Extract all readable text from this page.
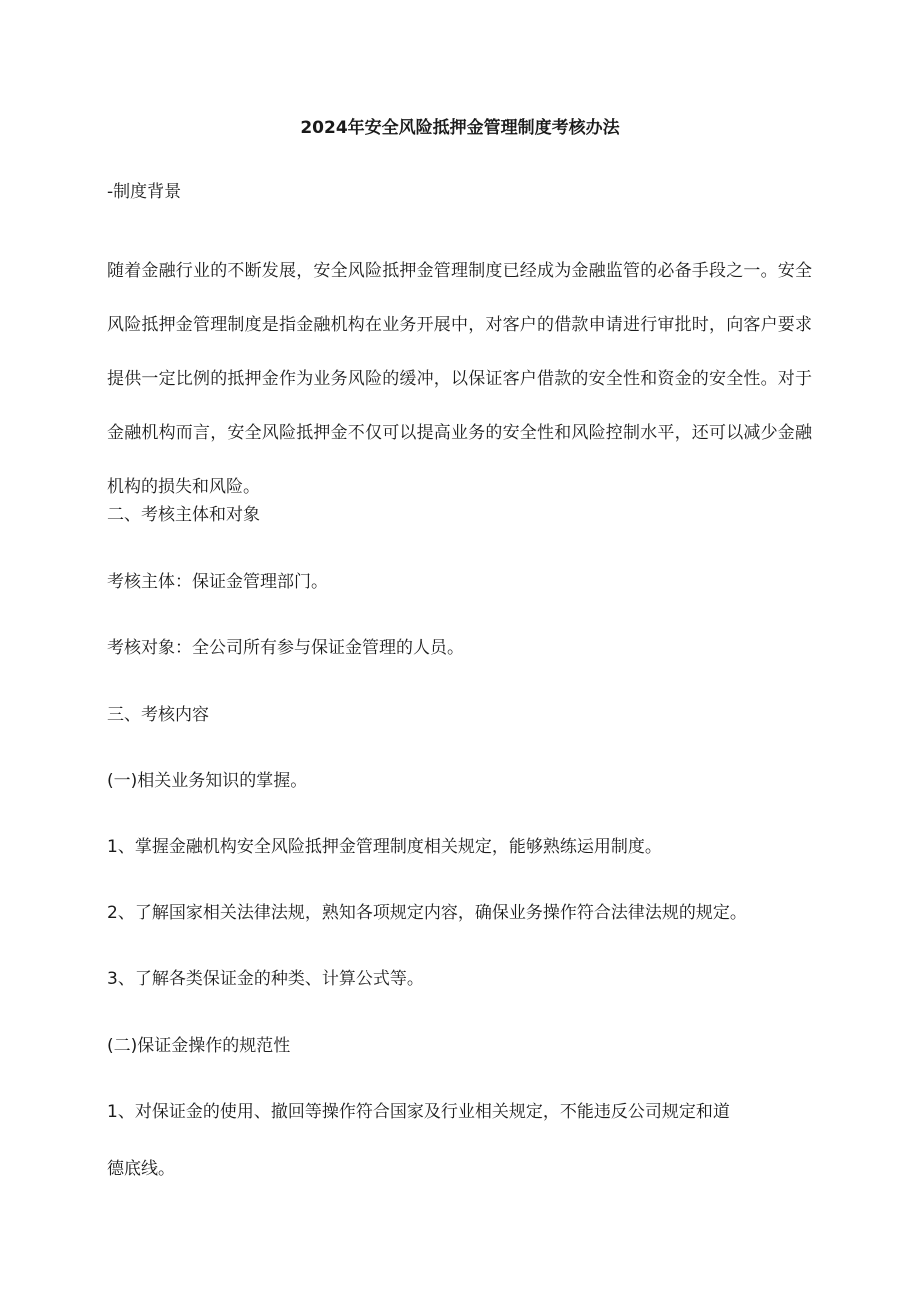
2024年安全风险抵押金管理制度考核办法

-制度背景

随着金融行业的不断发展，安全风险抵押金管理制度已经成为金融监管的必备手段之一。安全风险抵押金管理制度是指金融机构在业务开展中，对客户的借款申请进行审批时，向客户要求提供一定比例的抵押金作为业务风险的缓冲，以保证客户借款的安全性和资金的安全性。对于金融机构而言，安全风险抵押金不仅可以提高业务的安全性和风险控制水平，还可以减少金融机构的损失和风险。

二、考核主体和对象

考核主体：保证金管理部门。

考核对象：全公司所有参与保证金管理的人员。

三、考核内容

(一)相关业务知识的掌握。

1、掌握金融机构安全风险抵押金管理制度相关规定，能够熟练运用制度。

2、了解国家相关法律法规，熟知各项规定内容，确保业务操作符合法律法规的规定。

3、了解各类保证金的种类、计算公式等。

(二)保证金操作的规范性

1、对保证金的使用、撤回等操作符合国家及行业相关规定，不能违反公司规定和道

德底线。
